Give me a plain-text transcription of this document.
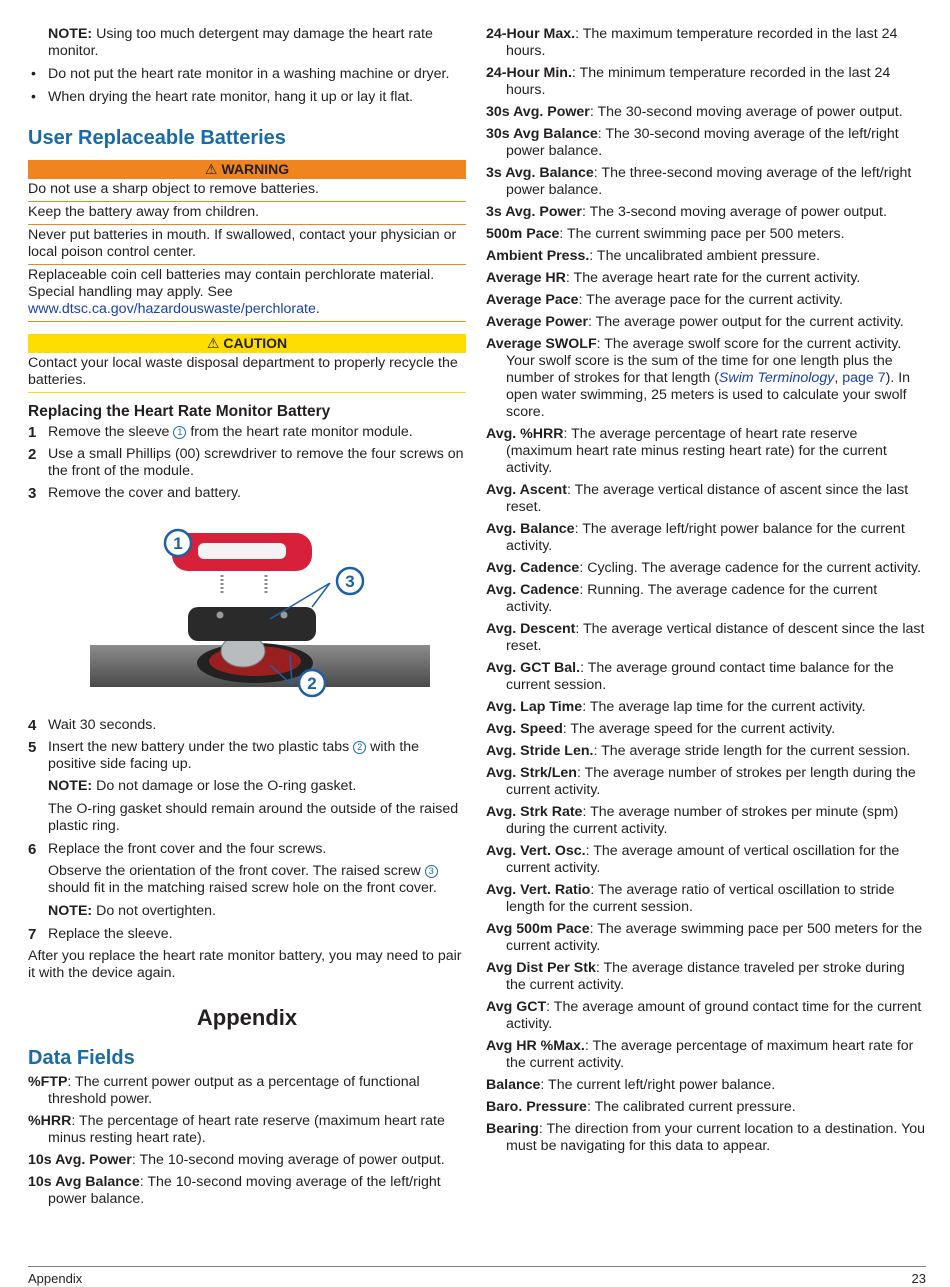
NOTE: Using too much detergent may damage the heart rate monitor.

• Do not put the heart rate monitor in a washing machine or dryer.
• When drying the heart rate monitor, hang it up or lay it flat.
User Replaceable Batteries
⚠ WARNING
Do not use a sharp object to remove batteries.
Keep the battery away from children.
Never put batteries in mouth. If swallowed, contact your physician or local poison control center.
Replaceable coin cell batteries may contain perchlorate material. Special handling may apply. See www.dtsc.ca.gov/hazardouswaste/perchlorate.
⚠ CAUTION
Contact your local waste disposal department to properly recycle the batteries.
Replacing the Heart Rate Monitor Battery
1 Remove the sleeve 1 from the heart rate monitor module.
2 Use a small Phillips (00) screwdriver to remove the four screws on the front of the module.
3 Remove the cover and battery.
1
2
3
4 Wait 30 seconds.
5 Insert the new battery under the two plastic tabs 2 with the positive side facing up.

NOTE: Do not damage or lose the O-ring gasket.

The O-ring gasket should remain around the outside of the raised plastic ring.

6 Replace the front cover and the four screws.

Observe the orientation of the front cover. The raised screw 3 should fit in the matching raised screw hole on the front cover.

NOTE: Do not overtighten.

7 Replace the sleeve.

After you replace the heart rate monitor battery, you may need to pair it with the device again.

Appendix
Data Fields

%FTP: The current power output as a percentage of functional threshold power.

%HRR: The percentage of heart rate reserve (maximum heart rate minus resting heart rate).

10s Avg. Power: The 10-second moving average of power output.

10s Avg Balance: The 10-second moving average of the left/right power balance.

24-Hour Max.: The maximum temperature recorded in the last 24 hours.

24-Hour Min.: The minimum temperature recorded in the last 24 hours.

30s Avg. Power: The 30-second moving average of power output.

30s Avg Balance: The 30-second moving average of the left/right power balance.

3s Avg. Balance: The three-second moving average of the left/right power balance.

3s Avg. Power: The 3-second moving average of power output.

500m Pace: The current swimming pace per 500 meters.

Ambient Press.: The uncalibrated ambient pressure.

Average HR: The average heart rate for the current activity.

Average Pace: The average pace for the current activity.

Average Power: The average power output for the current activity.

Average SWOLF: The average swolf score for the current activity. Your swolf score is the sum of the time for one length plus the number of strokes for that length (Swim Terminology, page 7). In open water swimming, 25 meters is used to calculate your swolf score.

Avg. %HRR: The average percentage of heart rate reserve (maximum heart rate minus resting heart rate) for the current activity.

Avg. Ascent: The average vertical distance of ascent since the last reset.

Avg. Balance: The average left/right power balance for the current activity.

Avg. Cadence: Cycling. The average cadence for the current activity.

Avg. Cadence: Running. The average cadence for the current activity.

Avg. Descent: The average vertical distance of descent since the last reset.

Avg. GCT Bal.: The average ground contact time balance for the current session.

Avg. Lap Time: The average lap time for the current activity.

Avg. Speed: The average speed for the current activity.

Avg. Stride Len.: The average stride length for the current session.

Avg. Strk/Len: The average number of strokes per length during the current activity.

Avg. Strk Rate: The average number of strokes per minute (spm) during the current activity.

Avg. Vert. Osc.: The average amount of vertical oscillation for the current activity.

Avg. Vert. Ratio: The average ratio of vertical oscillation to stride length for the current session.

Avg 500m Pace: The average swimming pace per 500 meters for the current activity.

Avg Dist Per Stk: The average distance traveled per stroke during the current activity.

Avg GCT: The average amount of ground contact time for the current activity.

Avg HR %Max.: The average percentage of maximum heart rate for the current activity.

Balance: The current left/right power balance.

Baro. Pressure: The calibrated current pressure.

Bearing: The direction from your current location to a destination. You must be navigating for this data to appear.

Appendix	23
